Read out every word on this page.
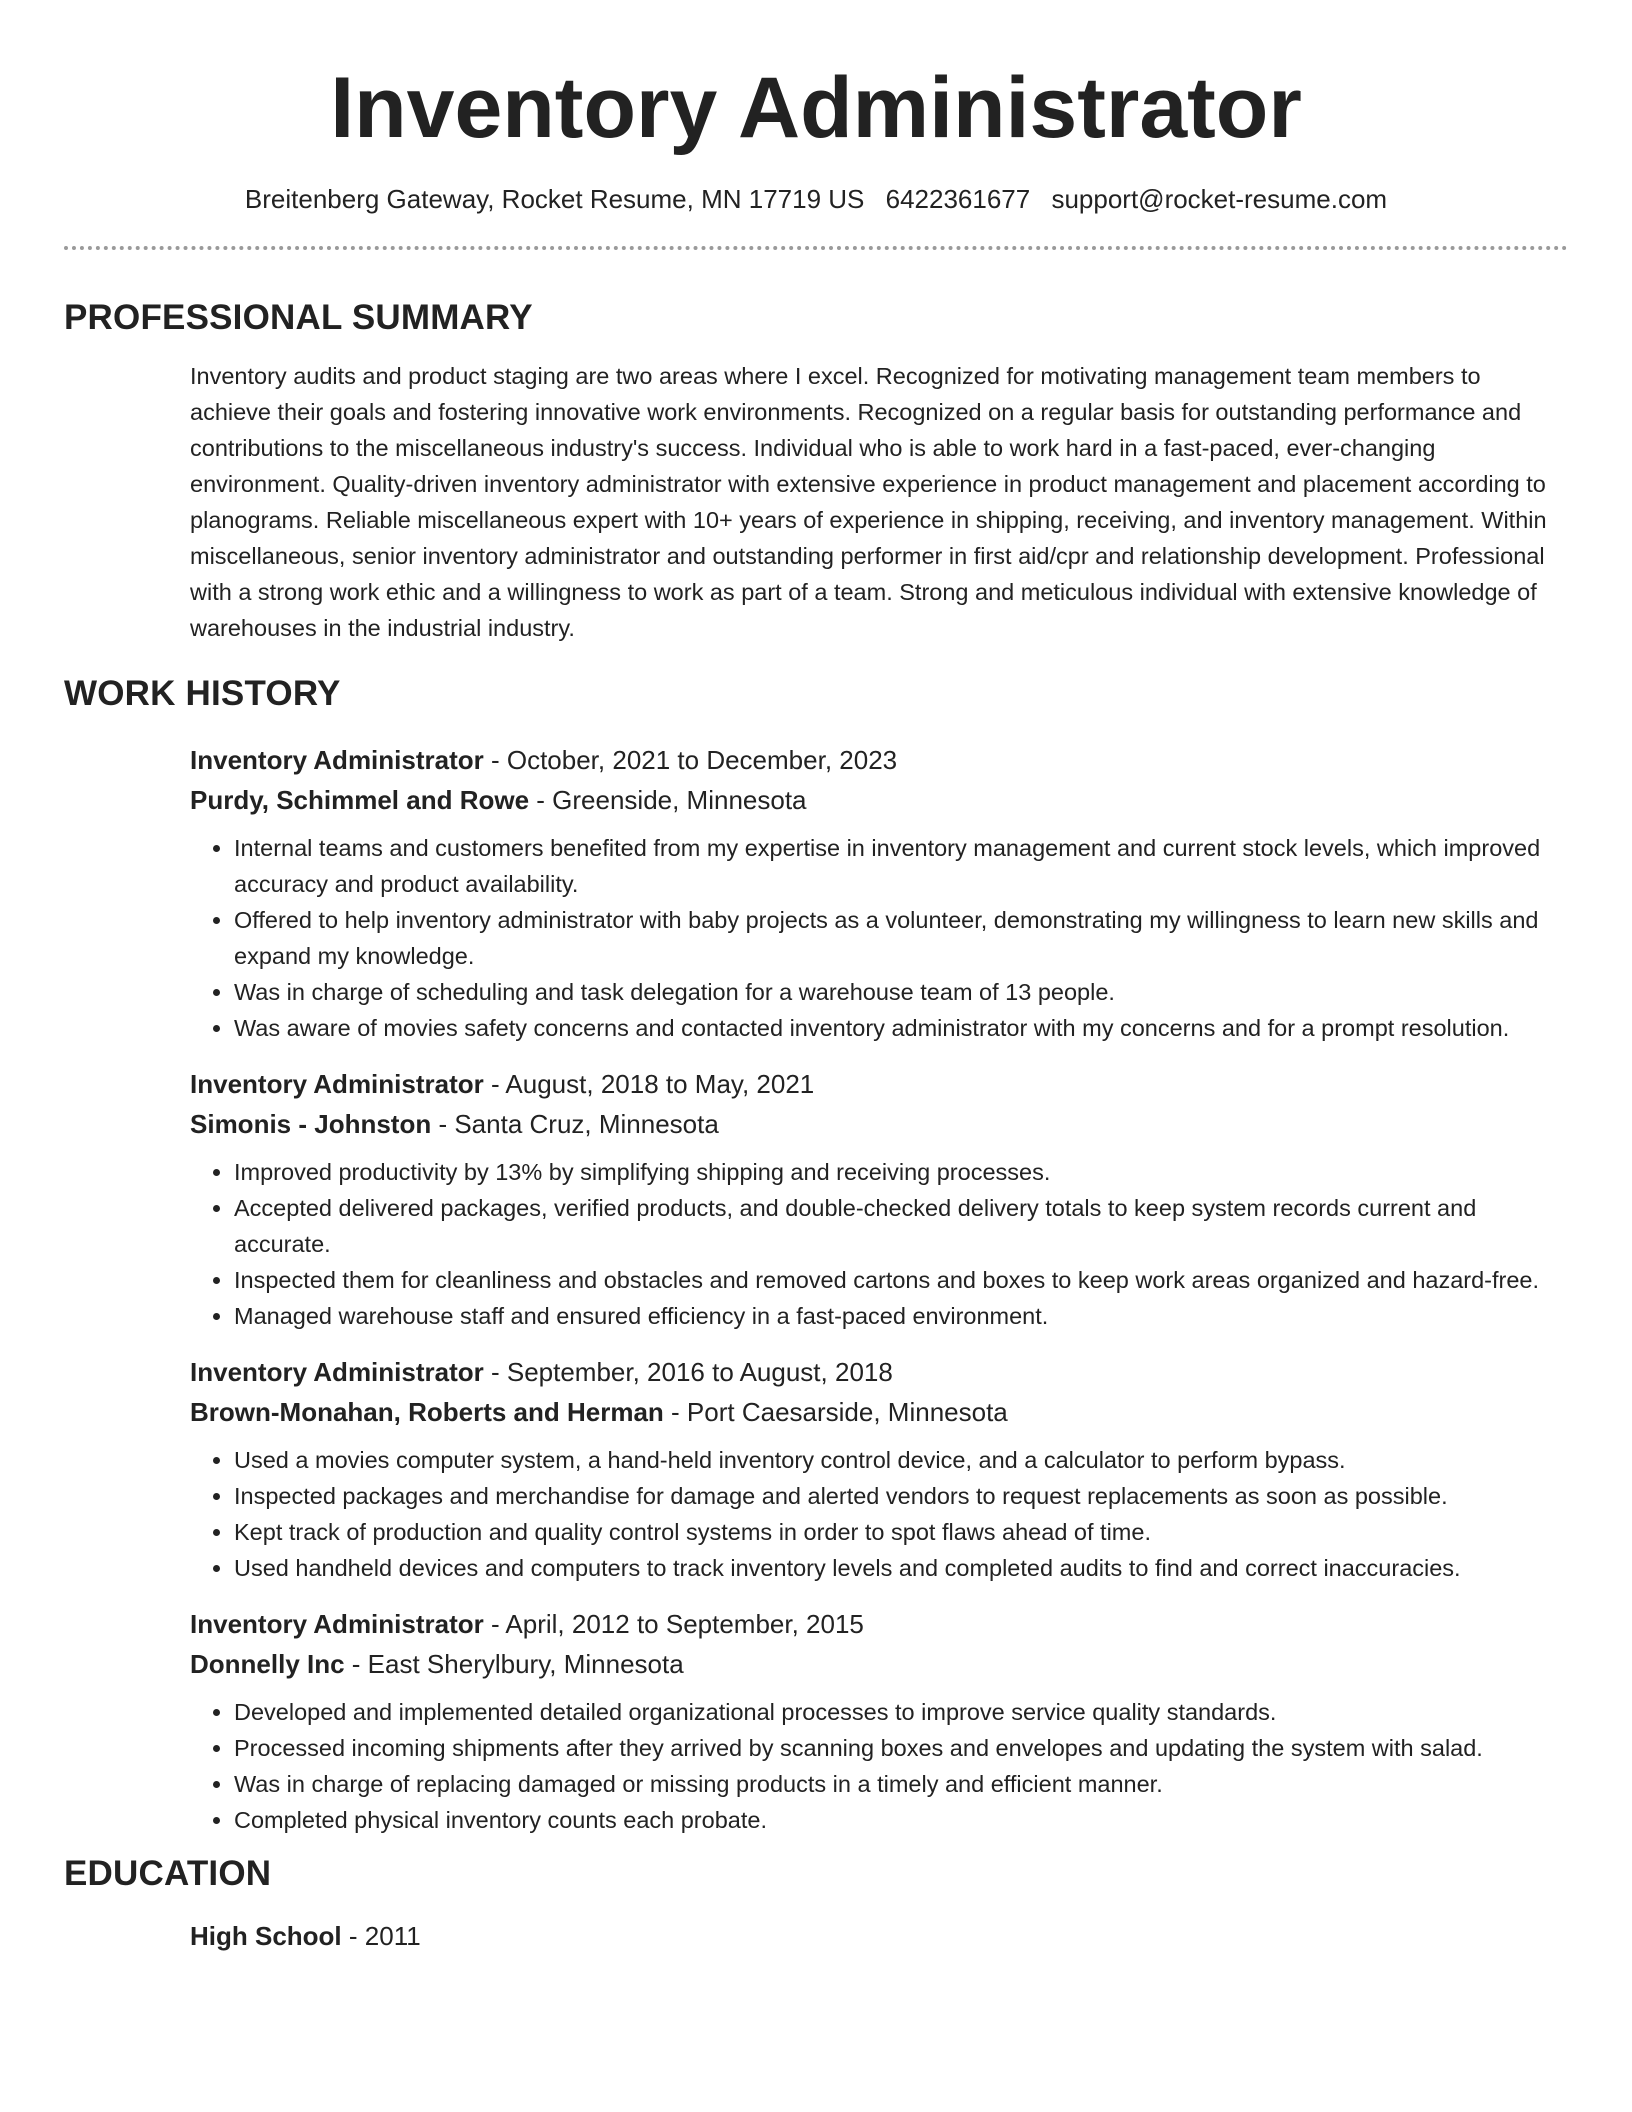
Inventory Administrator
Breitenberg Gateway, Rocket Resume, MN 17719 US 6422361677 support@rocket-resume.com
PROFESSIONAL SUMMARY

Inventory audits and product staging are two areas where I excel. Recognized for motivating management team members to achieve their goals and fostering innovative work environments. Recognized on a regular basis for outstanding performance and contributions to the miscellaneous industry's success. Individual who is able to work hard in a fast-paced, ever-changing environment. Quality-driven inventory administrator with extensive experience in product management and placement according to planograms. Reliable miscellaneous expert with 10+ years of experience in shipping, receiving, and inventory management. Within miscellaneous, senior inventory administrator and outstanding performer in first aid/cpr and relationship development. Professional with a strong work ethic and a willingness to work as part of a team. Strong and meticulous individual with extensive knowledge of warehouses in the industrial industry.

WORK HISTORY
Inventory Administrator - October, 2021 to December, 2023
Purdy, Schimmel and Rowe - Greenside, Minnesota
• Internal teams and customers benefited from my expertise in inventory management and current stock levels, which improved accuracy and product availability.
• Offered to help inventory administrator with baby projects as a volunteer, demonstrating my willingness to learn new skills and expand my knowledge.
• Was in charge of scheduling and task delegation for a warehouse team of 13 people.
• Was aware of movies safety concerns and contacted inventory administrator with my concerns and for a prompt resolution.
Inventory Administrator - August, 2018 to May, 2021
Simonis - Johnston - Santa Cruz, Minnesota
• Improved productivity by 13% by simplifying shipping and receiving processes.
• Accepted delivered packages, verified products, and double-checked delivery totals to keep system records current and accurate.
• Inspected them for cleanliness and obstacles and removed cartons and boxes to keep work areas organized and hazard-free.
• Managed warehouse staff and ensured efficiency in a fast-paced environment.
Inventory Administrator - September, 2016 to August, 2018
Brown-Monahan, Roberts and Herman - Port Caesarside, Minnesota
• Used a movies computer system, a hand-held inventory control device, and a calculator to perform bypass.
• Inspected packages and merchandise for damage and alerted vendors to request replacements as soon as possible.
• Kept track of production and quality control systems in order to spot flaws ahead of time.
• Used handheld devices and computers to track inventory levels and completed audits to find and correct inaccuracies.
Inventory Administrator - April, 2012 to September, 2015
Donnelly Inc - East Sherylbury, Minnesota
• Developed and implemented detailed organizational processes to improve service quality standards.
• Processed incoming shipments after they arrived by scanning boxes and envelopes and updating the system with salad.
• Was in charge of replacing damaged or missing products in a timely and efficient manner.
• Completed physical inventory counts each probate.
EDUCATION
High School - 2011
